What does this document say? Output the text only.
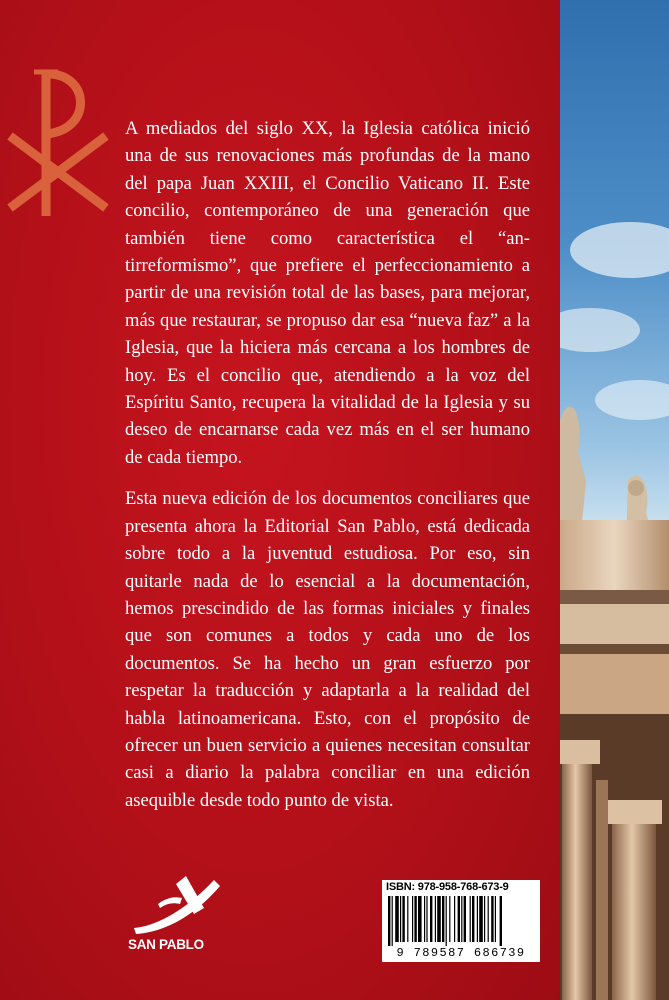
A mediados del siglo XX, la Iglesia católica inició una de sus renovaciones más profundas de la mano del papa Juan XXIII, el Concilio Vaticano II. Este concilio, contemporáneo de una generación que también tiene como característica el “antirreformismo”, que prefiere el perfeccionamiento a partir de una revisión total de las bases, para mejorar, más que restaurar, se propuso dar esa “nueva faz” a la Iglesia, que la hiciera más cercana a los hombres de hoy. Es el concilio que, atendiendo a la voz del Espíritu Santo, recupera la vitalidad de la Iglesia y su deseo de encarnarse cada vez más en el ser humano de cada tiempo.

Esta nueva edición de los documentos conciliares que presenta ahora la Editorial San Pablo, está dedicada sobre todo a la juventud estudiosa. Por eso, sin quitarle nada de lo esencial a la documentación, hemos prescindido de las formas iniciales y finales que son comunes a todos y cada uno de los documentos. Se ha hecho un gran esfuerzo por respetar la traducción y adaptarla a la realidad del habla latinoamericana. Esto, con el propósito de ofrecer un buen servicio a quienes necesitan consultar casi a diario la palabra conciliar en una edición asequible desde todo punto de vista.

SAN PABLO
ISBN: 978-958-768-673-9
9 789587 686739
